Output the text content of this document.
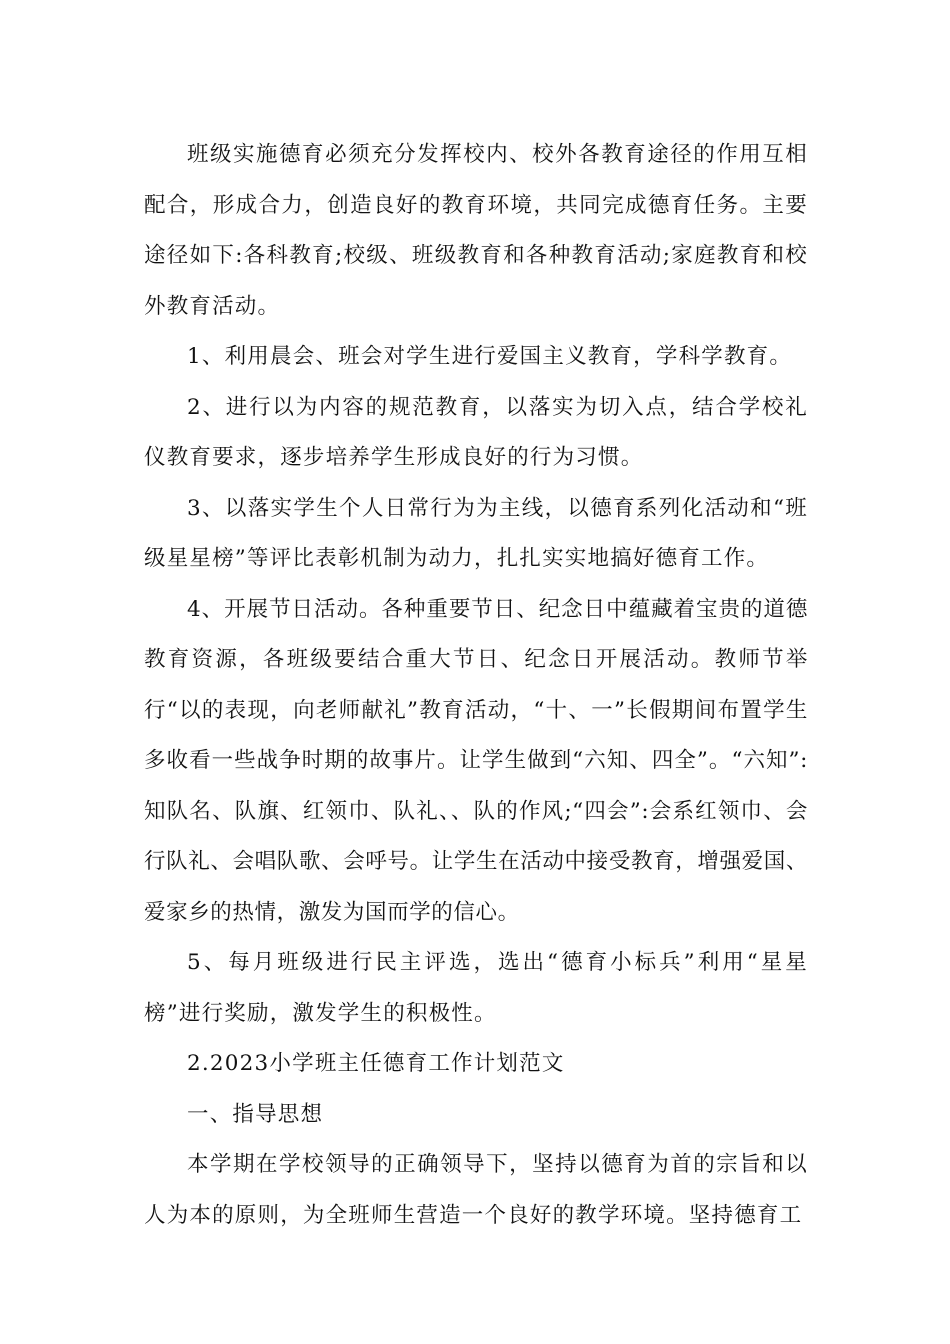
班级实施德育必须充分发挥校内、校外各教育途径的作用互相配合，形成合力，创造良好的教育环境，共同完成德育任务。主要途径如下:各科教育;校级、班级教育和各种教育活动;家庭教育和校外教育活动。

1、利用晨会、班会对学生进行爱国主义教育，学科学教育。

2、进行以为内容的规范教育，以落实为切入点，结合学校礼仪教育要求，逐步培养学生形成良好的行为习惯。

3、以落实学生个人日常行为为主线，以德育系列化活动和“班级星星榜”等评比表彰机制为动力，扎扎实实地搞好德育工作。

4、开展节日活动。各种重要节日、纪念日中蕴藏着宝贵的道德教育资源，各班级要结合重大节日、纪念日开展活动。教师节举行“以的表现，向老师献礼”教育活动，“十、一”长假期间布置学生多收看一些战争时期的故事片。让学生做到“六知、四全”。“六知”:知队名、队旗、红领巾、队礼、、队的作风;“四会”:会系红领巾、会行队礼、会唱队歌、会呼号。让学生在活动中接受教育，增强爱国、爱家乡的热情，激发为国而学的信心。

5、每月班级进行民主评选，选出“德育小标兵”利用“星星榜”进行奖励，激发学生的积极性。

2.2023小学班主任德育工作计划范文

一、指导思想

本学期在学校领导的正确领导下，坚持以德育为首的宗旨和以人为本的原则，为全班师生营造一个良好的教学环境。坚持德育工
